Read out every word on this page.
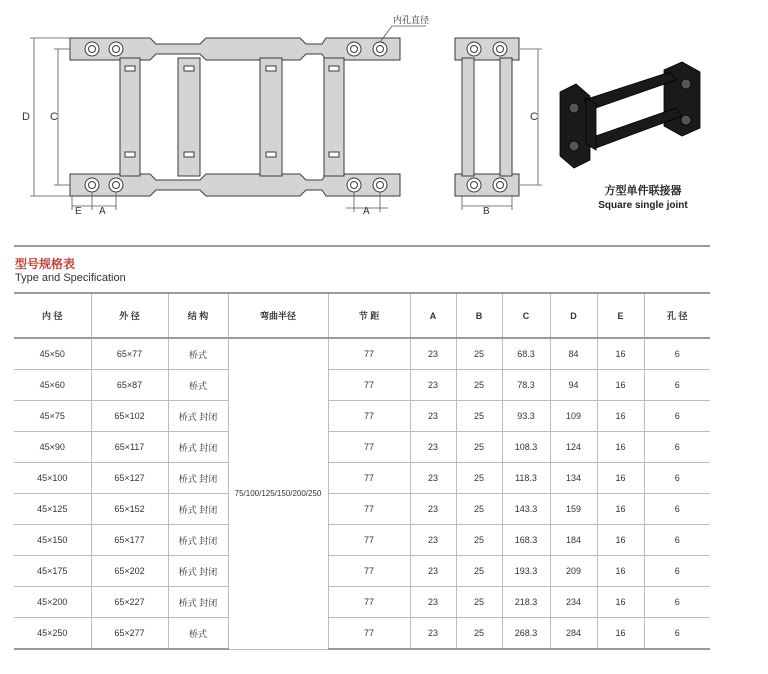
D C
E A	A
内孔直径
C
B
方型单件联接器
Square single joint
型号规格表
Type and Specification
内 径	外 径	结 构	弯曲半径	节 距	A	B	C	D	E	孔 径
45×50	65×77	桥式	75/100/125/150/200/250	77	23	25	68.3	84	16	6
45×60	65×87	桥式		77	23	25	78.3	94	16	6
45×75	65×102	桥式 封闭		77	23	25	93.3	109	16	6
45×90	65×117	桥式 封闭		77	23	25	108.3	124	16	6
45×100	65×127	桥式 封闭		77	23	25	118.3	134	16	6
45×125	65×152	桥式 封闭		77	23	25	143.3	159	16	6
45×150	65×177	桥式 封闭		77	23	25	168.3	184	16	6
45×175	65×202	桥式 封闭		77	23	25	193.3	209	16	6
45×200	65×227	桥式 封闭		77	23	25	218.3	234	16	6
45×250	65×277	桥式		77	23	25	268.3	284	16	6
